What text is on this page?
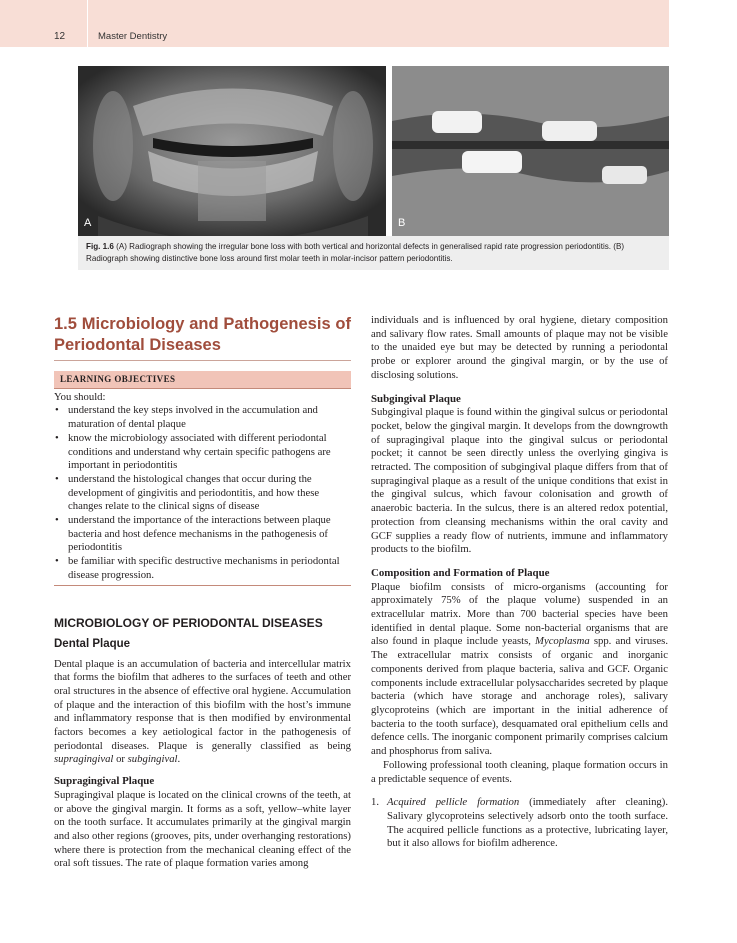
12	Master Dentistry
A	B
Fig. 1.6 (A) Radiograph showing the irregular bone loss with both vertical and horizontal defects in generalised rapid rate progression periodontitis. (B) Radiograph showing distinctive bone loss around first molar teeth in molar-incisor pattern periodontitis.
1.5 Microbiology and Pathogenesis of Periodontal Diseases
LEARNING OBJECTIVES
You should:
• understand the key steps involved in the accumulation and maturation of dental plaque
• know the microbiology associated with different periodontal conditions and understand why certain specific pathogens are important in periodontitis
• understand the histological changes that occur during the development of gingivitis and periodontitis, and how these changes relate to the clinical signs of disease
• understand the importance of the interactions between plaque bacteria and host defence mechanisms in the pathogenesis of periodontitis
• be familiar with specific destructive mechanisms in periodontal disease progression.
MICROBIOLOGY OF PERIODONTAL DISEASES
Dental Plaque

Dental plaque is an accumulation of bacteria and intercellular matrix that forms the biofilm that adheres to the surfaces of teeth and other oral structures in the absence of effective oral hygiene. Accumulation of plaque and the interaction of this biofilm with the host’s immune and inflammatory response that is then modified by environmental factors becomes a key aetiological factor in the pathogenesis of periodontal diseases. Plaque is generally classified as being supragingival or subgingival.

Supragingival Plaque

Supragingival plaque is located on the clinical crowns of the teeth, at or above the gingival margin. It forms as a soft, yellow–white layer on the tooth surface. It accumulates primarily at the gingival margin and also other regions (grooves, pits, under overhanging restorations) where there is protection from the mechanical cleaning effect of the oral soft tissues. The rate of plaque formation varies among

individuals and is influenced by oral hygiene, dietary composition and salivary flow rates. Small amounts of plaque may not be visible to the unaided eye but may be detected by running a periodontal probe or explorer around the gingival margin, or by the use of disclosing solutions.

Subgingival Plaque

Subgingival plaque is found within the gingival sulcus or periodontal pocket, below the gingival margin. It develops from the downgrowth of supragingival plaque into the gingival sulcus or periodontal pocket; it cannot be seen directly unless the overlying gingiva is retracted. The composition of subgingival plaque differs from that of supragingival plaque as a result of the unique conditions that exist in the gingival sulcus, which favour colonisation and growth of anaerobic bacteria. In the sulcus, there is an altered redox potential, protection from cleansing mechanisms within the oral cavity and GCF supplies a ready flow of nutrients, immune and inflammatory products to the biofilm.

Composition and Formation of Plaque

Plaque biofilm consists of micro-organisms (accounting for approximately 75% of the plaque volume) suspended in an extracellular matrix. More than 700 bacterial species have been identified in dental plaque. Some non-bacterial organisms that are also found in plaque include yeasts, Mycoplasma spp. and viruses. The extracellular matrix consists of organic and inorganic components derived from plaque bacteria, saliva and GCF. Organic components include extracellular polysaccharides secreted by plaque bacteria (which have storage and anchorage roles), salivary glycoproteins (which are important in the initial adherence of bacteria to the tooth surface), desquamated oral epithelium cells and defence cells. The inorganic component primarily comprises calcium and phosphorus from saliva.

Following professional tooth cleaning, plaque formation occurs in a predictable sequence of events.

1. Acquired pellicle formation (immediately after cleaning). Salivary glycoproteins selectively adsorb onto the tooth surface. The acquired pellicle functions as a protective, lubricating layer, but it also allows for biofilm adherence.
